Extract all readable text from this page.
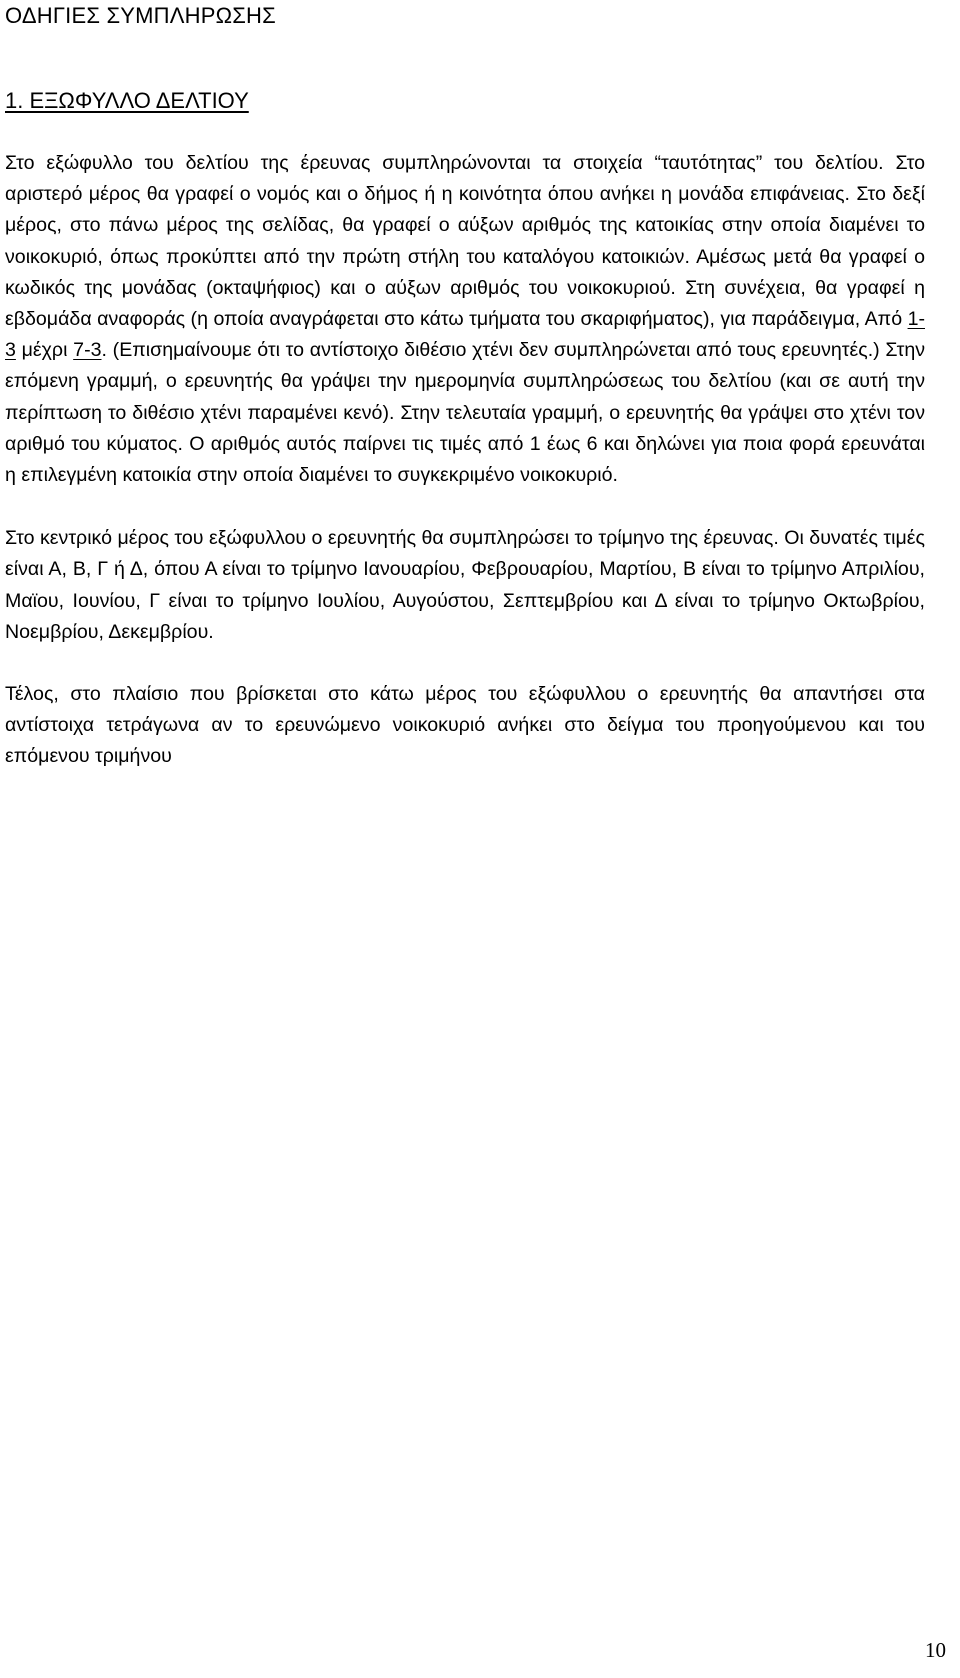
ΟΔΗΓΙΕΣ ΣΥΜΠΛΗΡΩΣΗΣ
1. ΕΞΩΦΥΛΛΟ ΔΕΛΤΙΟΥ

Στο εξώφυλλο του δελτίου της έρευνας συμπληρώνονται τα στοιχεία “ταυτότητας” του δελτίου. Στο αριστερό μέρος θα γραφεί ο νομός και ο δήμος ή η κοινότητα όπου ανήκει η μονάδα επιφάνειας. Στο δεξί μέρος, στο πάνω μέρος της σελίδας, θα γραφεί ο αύξων αριθμός της κατοικίας στην οποία διαμένει το νοικοκυριό, όπως προκύπτει από την πρώτη στήλη του καταλόγου κατοικιών. Αμέσως μετά θα γραφεί ο κωδικός της μονάδας (οκταψήφιος) και ο αύξων αριθμός του νοικοκυριού. Στη συνέχεια, θα γραφεί η εβδομάδα αναφοράς (η οποία αναγράφεται στο κάτω τμήματα του σκαριφήματος), για παράδειγμα, Από 1-3 μέχρι 7-3. (Επισημαίνουμε ότι το αντίστοιχο διθέσιο χτένι δεν συμπληρώνεται από τους ερευνητές.) Στην επόμενη γραμμή, ο ερευνητής θα γράψει την ημερομηνία συμπληρώσεως του δελτίου (και σε αυτή την περίπτωση το διθέσιο χτένι παραμένει κενό). Στην τελευταία γραμμή, ο ερευνητής θα γράψει στο χτένι τον αριθμό του κύματος. Ο αριθμός αυτός παίρνει τις τιμές από 1 έως 6 και δηλώνει για ποια φορά ερευνάται η επιλεγμένη κατοικία στην οποία διαμένει το συγκεκριμένο νοικοκυριό.

Στο κεντρικό μέρος του εξώφυλλου ο ερευνητής θα συμπληρώσει το τρίμηνο της έρευνας. Οι δυνατές τιμές είναι Α, Β, Γ ή Δ, όπου Α είναι το τρίμηνο Ιανουαρίου, Φεβρουαρίου, Μαρτίου, Β είναι το τρίμηνο Απριλίου, Μαϊου, Ιουνίου, Γ είναι το τρίμηνο Ιουλίου, Αυγούστου, Σεπτεμβρίου και Δ είναι το τρίμηνο Οκτωβρίου, Νοεμβρίου, Δεκεμβρίου.

Τέλος, στο πλαίσιο που βρίσκεται στο κάτω μέρος του εξώφυλλου ο ερευνητής θα απαντήσει στα αντίστοιχα τετράγωνα αν το ερευνώμενο νοικοκυριό ανήκει στο δείγμα του προηγούμενου και του επόμενου τριμήνου

10
